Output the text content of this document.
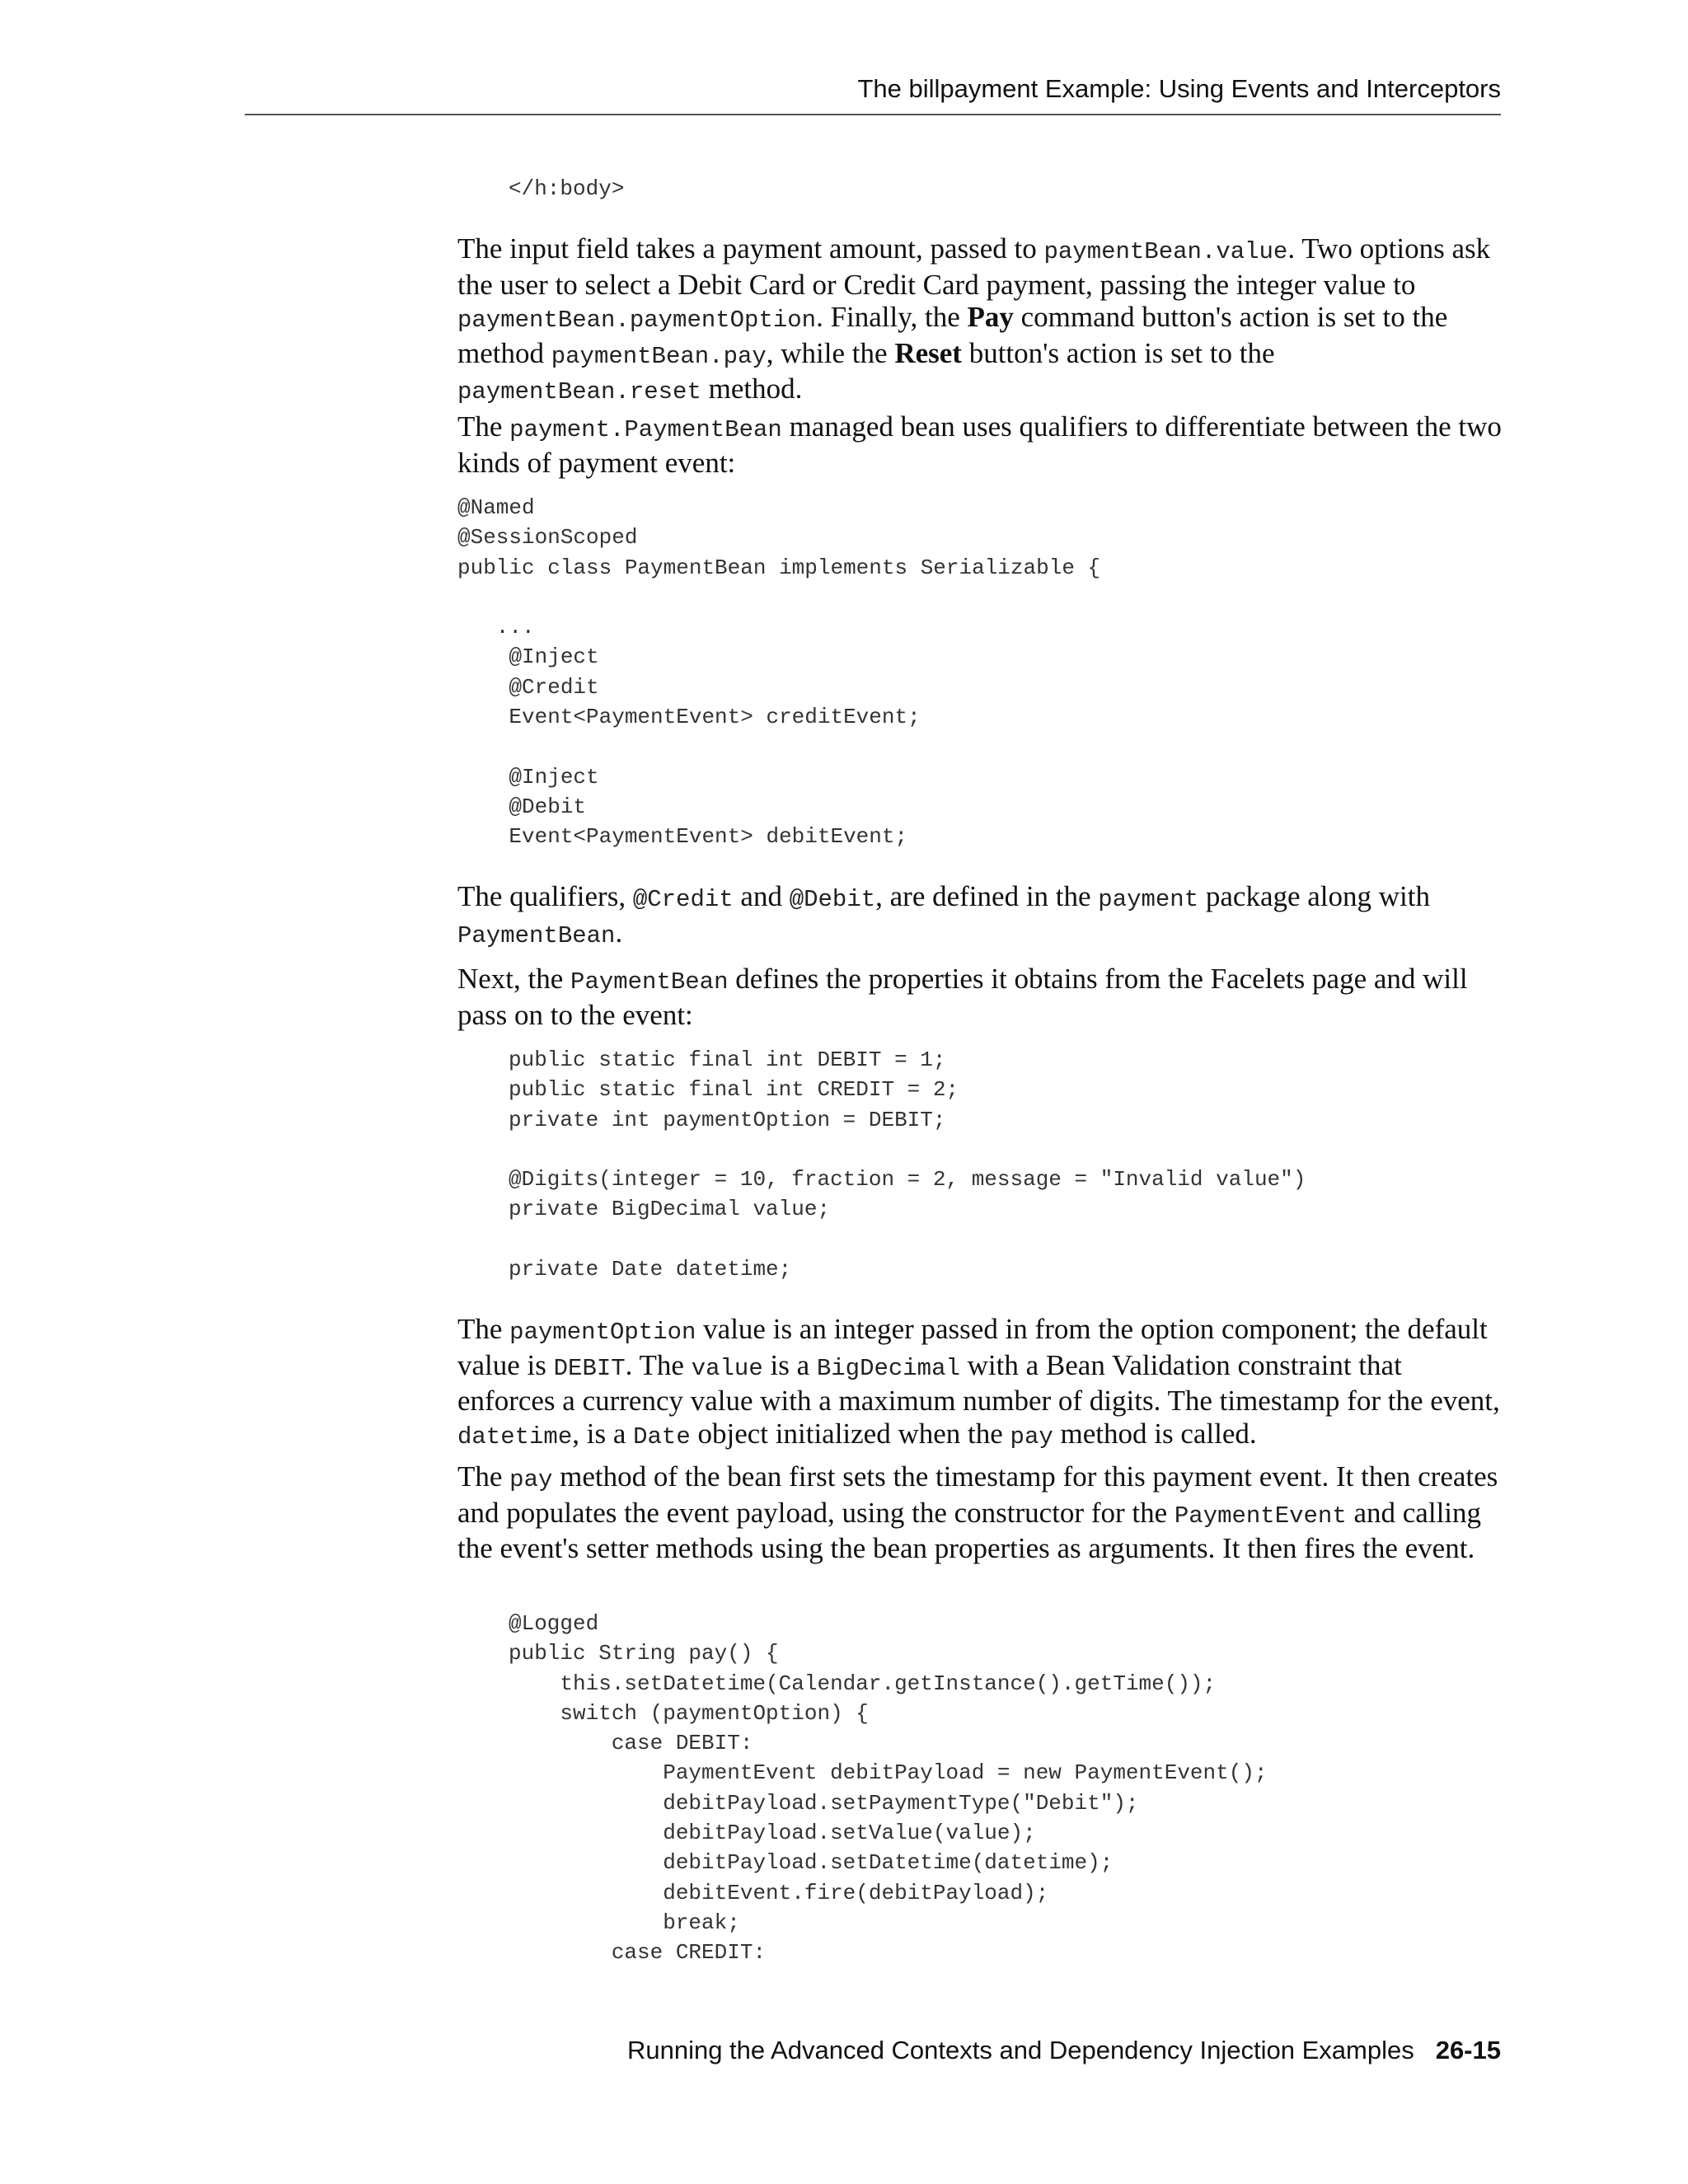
The billpayment Example: Using Events and Interceptors
</h:body>

The input field takes a payment amount, passed to paymentBean.value. Two options ask the user to select a Debit Card or Credit Card payment, passing the integer value to paymentBean.paymentOption. Finally, the Pay command button's action is set to the method paymentBean.pay, while the Reset button's action is set to the paymentBean.reset method.

The payment.PaymentBean managed bean uses qualifiers to differentiate between the two kinds of payment event:

@Named
@SessionScoped
public class PaymentBean implements Serializable {

...
@Inject
@Credit
Event<PaymentEvent> creditEvent;

@Inject
@Debit
Event<PaymentEvent> debitEvent;

The qualifiers, @Credit and @Debit, are defined in the payment package along with PaymentBean.

Next, the PaymentBean defines the properties it obtains from the Facelets page and will pass on to the event:

public static final int DEBIT = 1;
public static final int CREDIT = 2;
private int paymentOption = DEBIT;

@Digits(integer = 10, fraction = 2, message = "Invalid value")
private BigDecimal value;

private Date datetime;

The paymentOption value is an integer passed in from the option component; the default value is DEBIT. The value is a BigDecimal with a Bean Validation constraint that enforces a currency value with a maximum number of digits. The timestamp for the event, datetime, is a Date object initialized when the pay method is called.

The pay method of the bean first sets the timestamp for this payment event. It then creates and populates the event payload, using the constructor for the PaymentEvent and calling the event's setter methods using the bean properties as arguments. It then fires the event.

@Logged
public String pay() {
this.setDatetime(Calendar.getInstance().getTime());
switch (paymentOption) {
case DEBIT:
PaymentEvent debitPayload = new PaymentEvent();
debitPayload.setPaymentType("Debit");
debitPayload.setValue(value);
debitPayload.setDatetime(datetime);
debitEvent.fire(debitPayload);
break;
case CREDIT:
Running the Advanced Contexts and Dependency Injection Examples 26-15
